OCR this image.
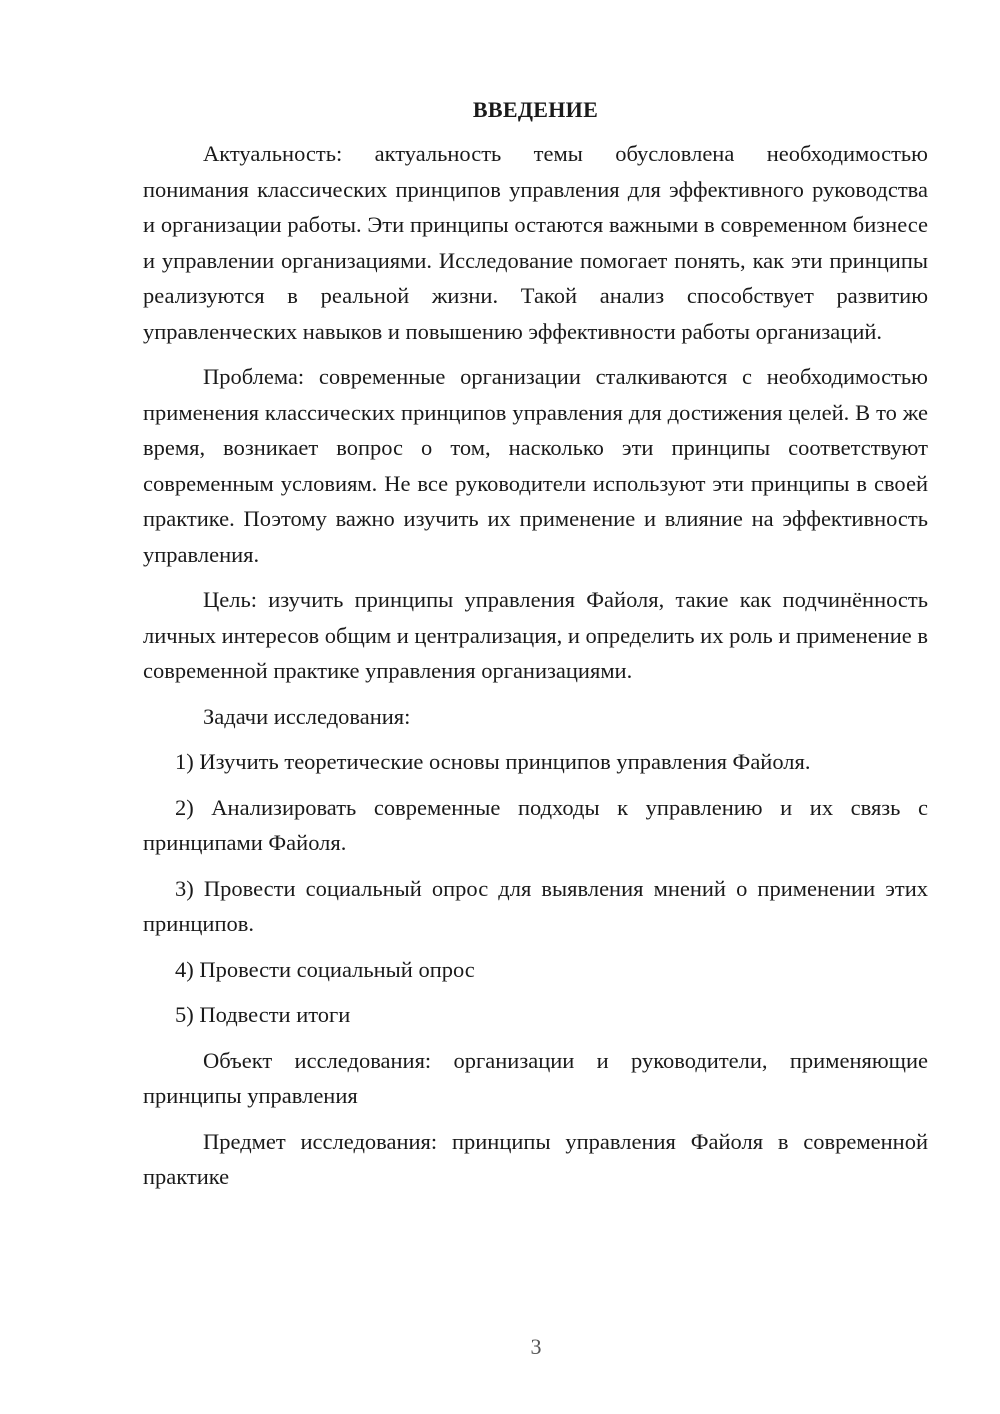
ВВЕДЕНИЕ

Актуальность: актуальность темы обусловлена необходимостью понимания классических принципов управления для эффективного руководства и организации работы. Эти принципы остаются важными в современном бизнесе и управлении организациями. Исследование помогает понять, как эти принципы реализуются в реальной жизни. Такой анализ способствует развитию управленческих навыков и повышению эффективности работы организаций.

Проблема: современные организации сталкиваются с необходимостью применения классических принципов управления для достижения целей. В то же время, возникает вопрос о том, насколько эти принципы соответствуют современным условиям. Не все руководители используют эти принципы в своей практике. Поэтому важно изучить их применение и влияние на эффективность управления.

Цель: изучить принципы управления Файоля, такие как подчинённость личных интересов общим и централизация, и определить их роль и применение в современной практике управления организациями.

Задачи исследования:

1) Изучить теоретические основы принципов управления Файоля.

2) Анализировать современные подходы к управлению и их связь с принципами Файоля.

3) Провести социальный опрос для выявления мнений о применении этих принципов.

4) Провести социальный опрос

5) Подвести итоги

Объект исследования: организации и руководители, применяющие принципы управления

Предмет исследования: принципы управления Файоля в современной практике

3
